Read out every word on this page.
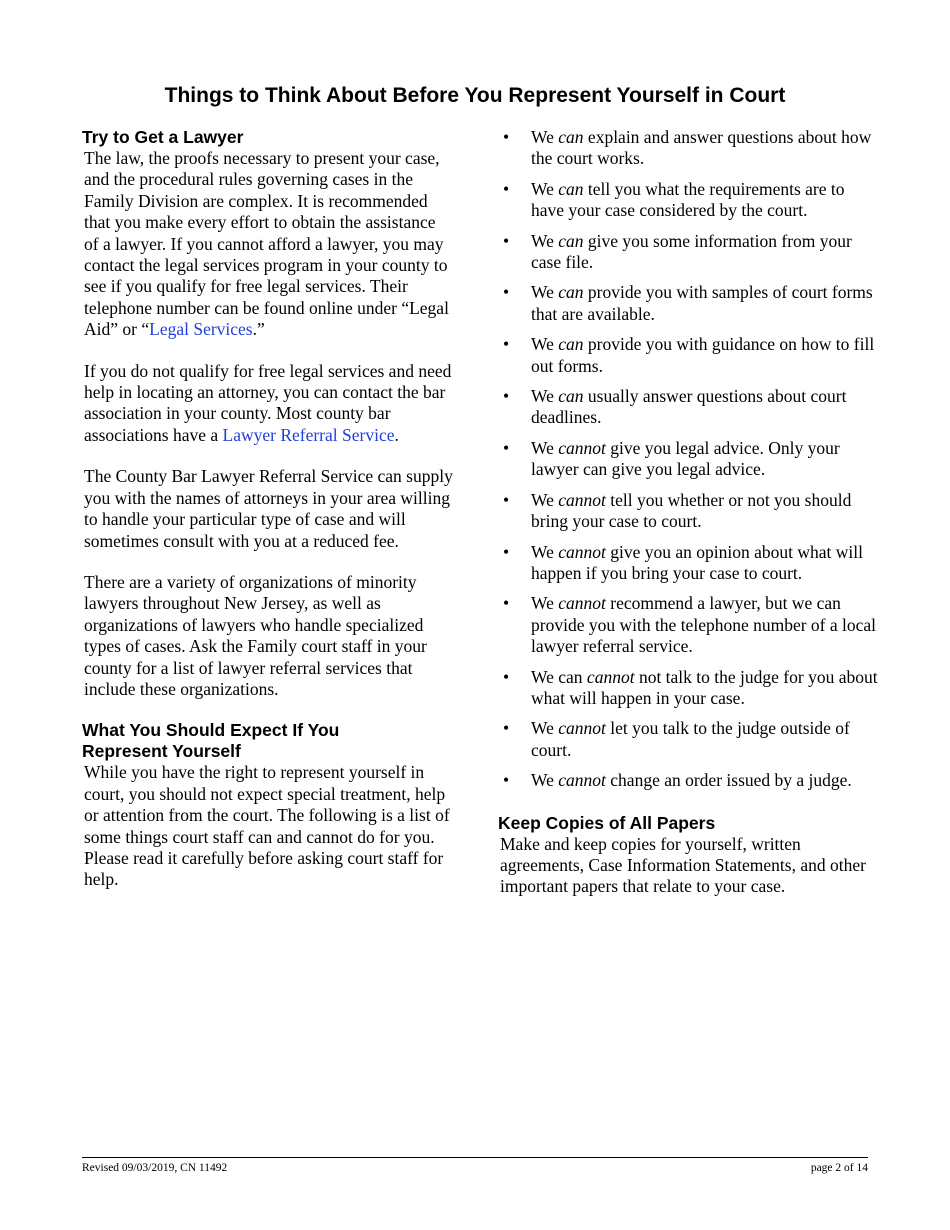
Things to Think About Before You Represent Yourself in Court
Try to Get a Lawyer

The law, the proofs necessary to present your case, and the procedural rules governing cases in the Family Division are complex. It is recommended that you make every effort to obtain the assistance of a lawyer. If you cannot afford a lawyer, you may contact the legal services program in your county to see if you qualify for free legal services. Their telephone number can be found online under “Legal Aid” or “Legal Services.”

If you do not qualify for free legal services and need help in locating an attorney, you can contact the bar association in your county. Most county bar associations have a Lawyer Referral Service.

The County Bar Lawyer Referral Service can supply you with the names of attorneys in your area willing to handle your particular type of case and will sometimes consult with you at a reduced fee.

There are a variety of organizations of minority lawyers throughout New Jersey, as well as organizations of lawyers who handle specialized types of cases. Ask the Family court staff in your county for a list of lawyer referral services that include these organizations.

What You Should Expect If You
Represent Yourself

While you have the right to represent yourself in court, you should not expect special treatment, help or attention from the court. The following is a list of some things court staff can and cannot do for you. Please read it carefully before asking court staff for help.

• We can explain and answer questions about how the court works.
• We can tell you what the requirements are to have your case considered by the court.
• We can give you some information from your case file.
• We can provide you with samples of court forms that are available.
• We can provide you with guidance on how to fill out forms.
• We can usually answer questions about court deadlines.
• We cannot give you legal advice. Only your lawyer can give you legal advice.
• We cannot tell you whether or not you should bring your case to court.
• We cannot give you an opinion about what will happen if you bring your case to court.
• We cannot recommend a lawyer, but we can provide you with the telephone number of a local lawyer referral service.
• We can cannot not talk to the judge for you about what will happen in your case.
• We cannot let you talk to the judge outside of court.
• We cannot change an order issued by a judge.
Keep Copies of All Papers

Make and keep copies for yourself, written agreements, Case Information Statements, and other important papers that relate to your case.

Revised 09/03/2019, CN 11492	page 2 of 14
